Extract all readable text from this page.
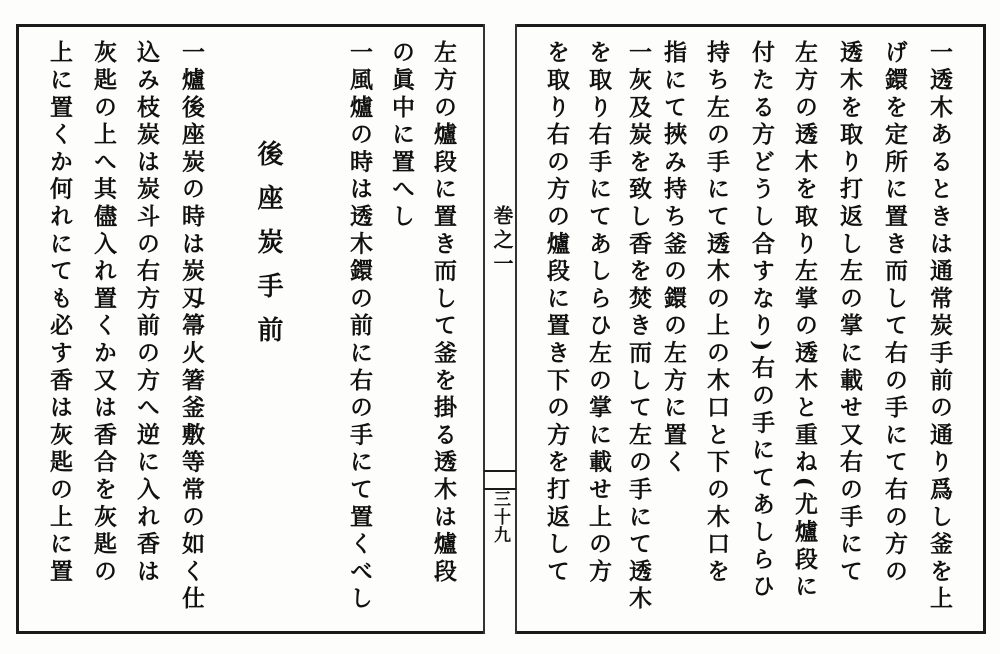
一透木あるときは通常炭手前の通り爲し釜を上
げ鐶を定所に置き而して右の手にて右の方の
透木を取り打返し左の掌に載せ又右の手にて
左方の透木を取り左掌の透木と重ね(尤爐段に
付たる方どうし合すなり)右の手にてあしらひ
持ち左の手にて透木の上の木口と下の木口を
指にて挾み持ち釜の鐶の左方に置く
一灰及炭を致し香を焚き而して左の手にて透木
を取り右手にてあしらひ左の掌に載せ上の方
を取り右の方の爐段に置き下の方を打返して
巻之一
三十九
左方の爐段に置き而して釜を掛る透木は爐段
の眞中に置へし
一風爐の時は透木鐶の前に右の手にて置くべし
後座炭手前
一爐後座炭の時は炭刄箒火箸釜敷等常の如く仕
込み枝炭は炭斗の右方前の方へ逆に入れ香は
灰匙の上へ其儘入れ置くか又は香合を灰匙の
上に置くか何れにても必す香は灰匙の上に置
